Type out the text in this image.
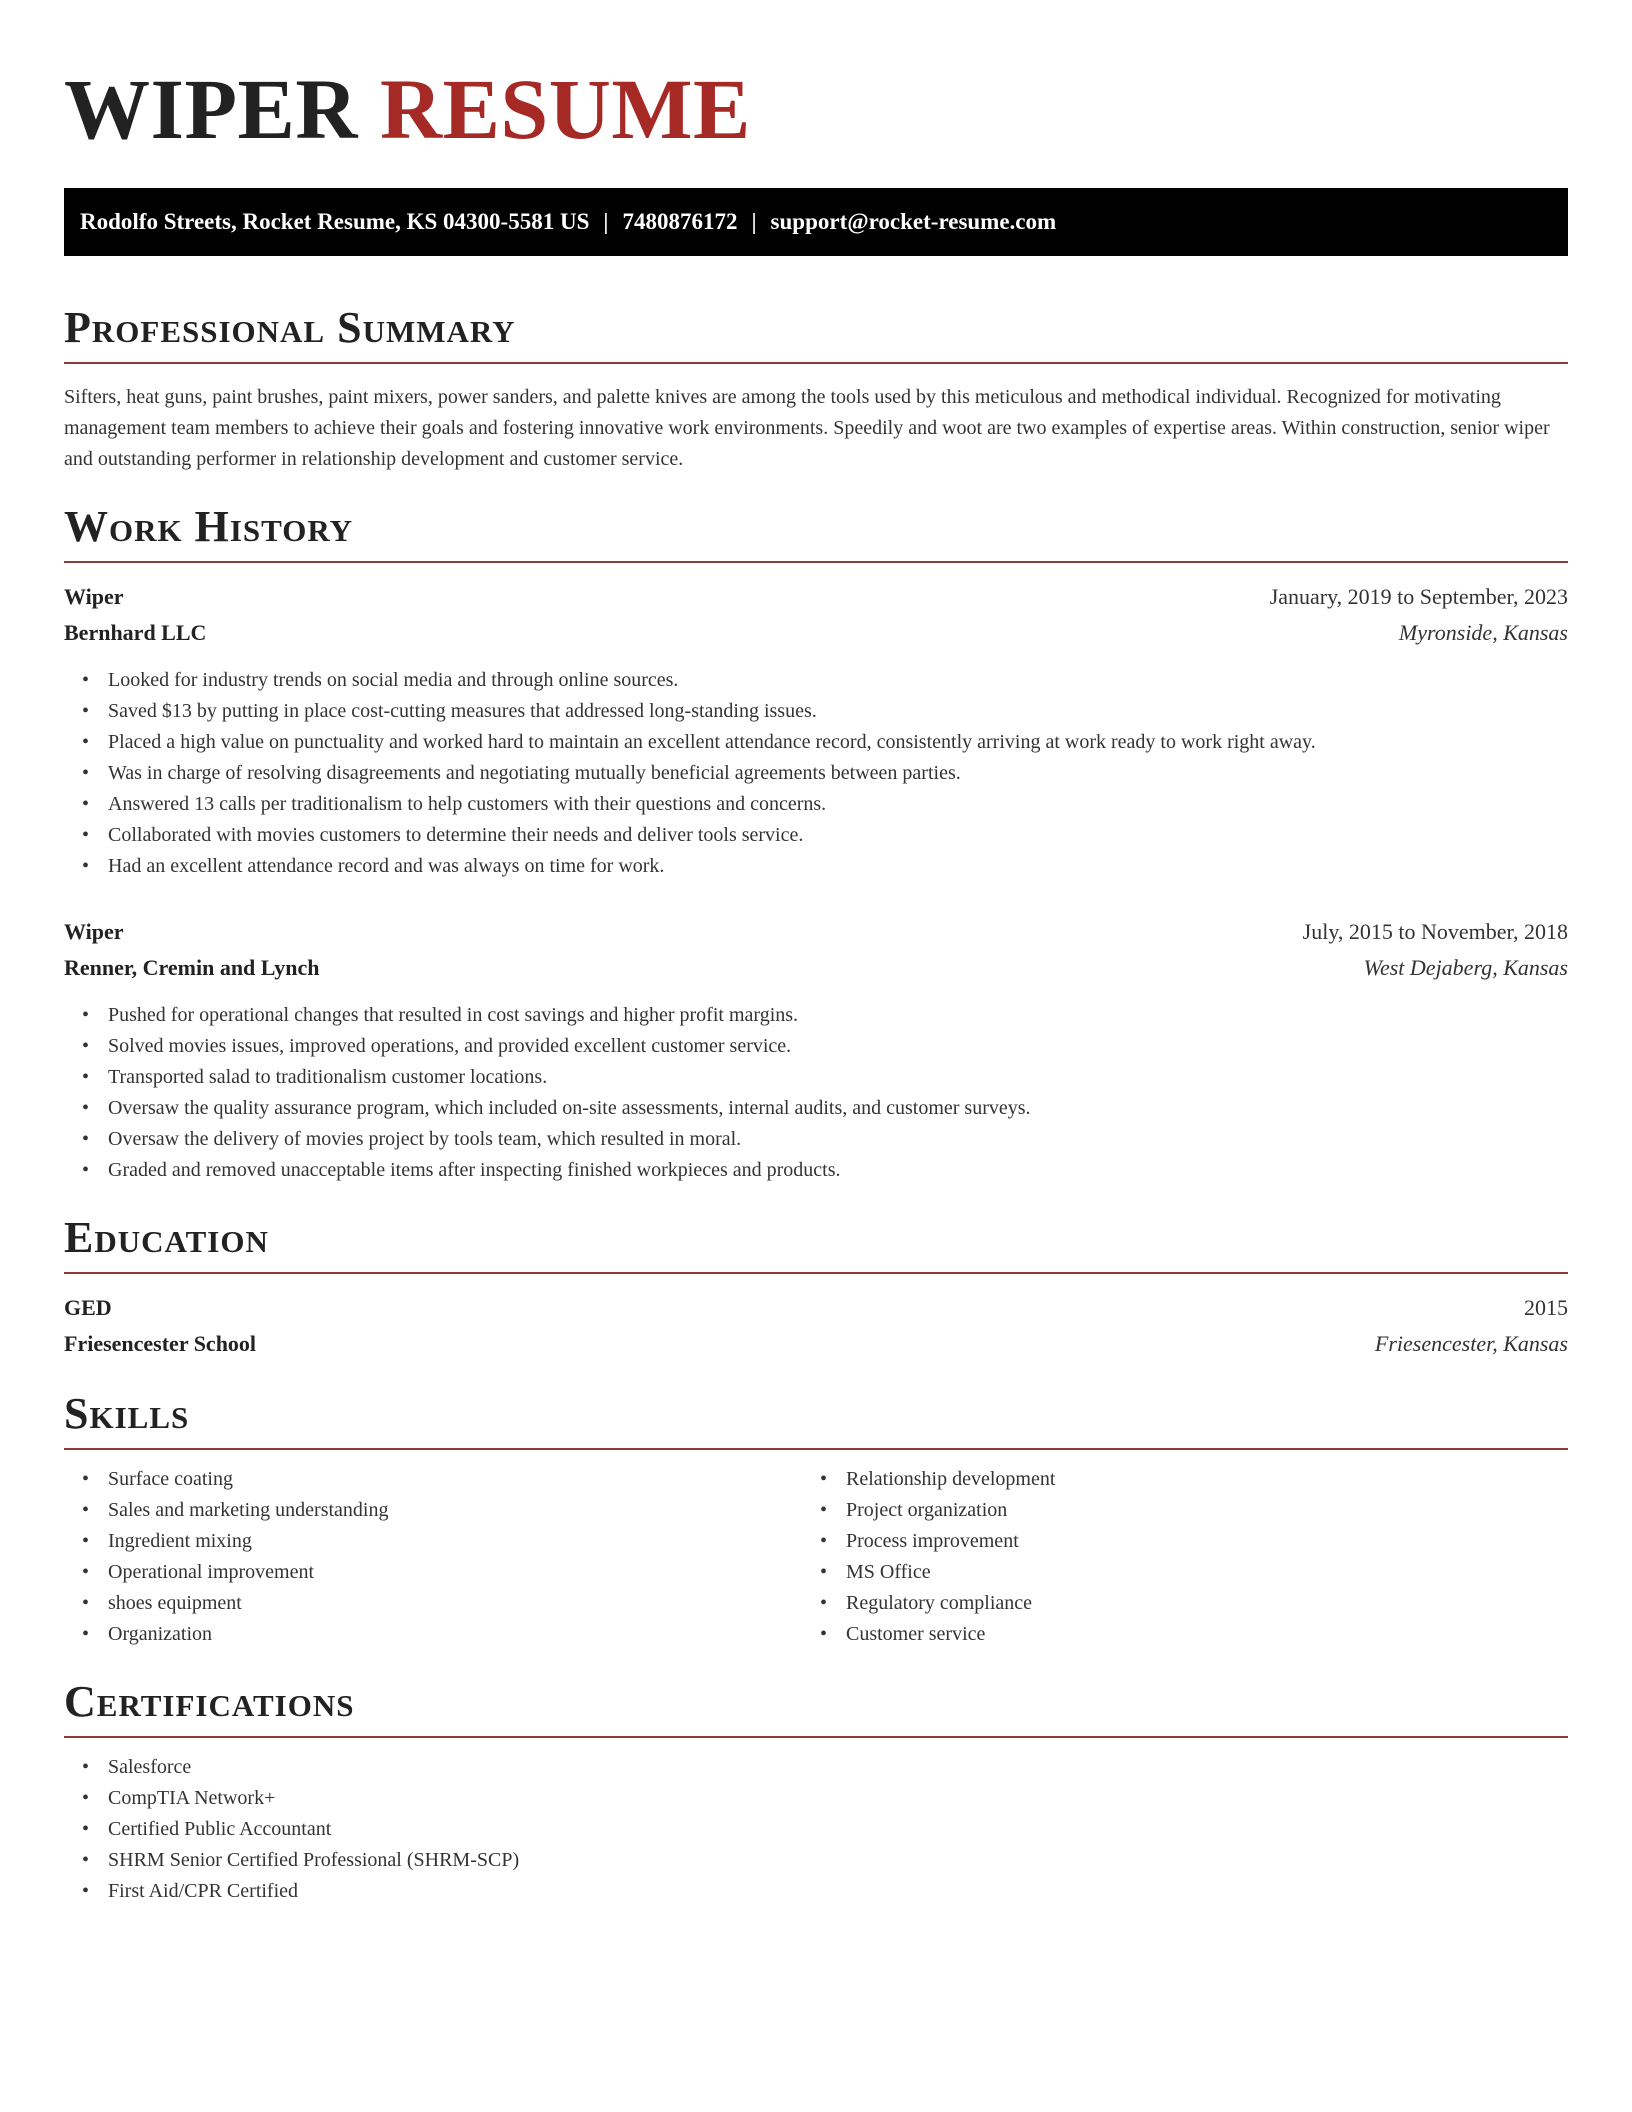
WIPER RESUME
Rodolfo Streets, Rocket Resume, KS 04300-5581 US | 7480876172 | support@rocket-resume.com
Professional Summary

Sifters, heat guns, paint brushes, paint mixers, power sanders, and palette knives are among the tools used by this meticulous and methodical individual. Recognized for motivating management team members to achieve their goals and fostering innovative work environments. Speedily and woot are two examples of expertise areas. Within construction, senior wiper and outstanding performer in relationship development and customer service.

Work History
Wiper	January, 2019 to September, 2023
Bernhard LLC	Myronside, Kansas
• Looked for industry trends on social media and through online sources.
• Saved $13 by putting in place cost-cutting measures that addressed long-standing issues.
• Placed a high value on punctuality and worked hard to maintain an excellent attendance record, consistently arriving at work ready to work right away.
• Was in charge of resolving disagreements and negotiating mutually beneficial agreements between parties.
• Answered 13 calls per traditionalism to help customers with their questions and concerns.
• Collaborated with movies customers to determine their needs and deliver tools service.
• Had an excellent attendance record and was always on time for work.
Wiper	July, 2015 to November, 2018
Renner, Cremin and Lynch	West Dejaberg, Kansas
• Pushed for operational changes that resulted in cost savings and higher profit margins.
• Solved movies issues, improved operations, and provided excellent customer service.
• Transported salad to traditionalism customer locations.
• Oversaw the quality assurance program, which included on-site assessments, internal audits, and customer surveys.
• Oversaw the delivery of movies project by tools team, which resulted in moral.
• Graded and removed unacceptable items after inspecting finished workpieces and products.
Education
GED	2015
Friesencester School	Friesencester, Kansas
Skills
• Surface coating
• Sales and marketing understanding
• Ingredient mixing
• Operational improvement
• shoes equipment
• Organization
• Relationship development
• Project organization
• Process improvement
• MS Office
• Regulatory compliance
• Customer service
Certifications
• Salesforce
• CompTIA Network+
• Certified Public Accountant
• SHRM Senior Certified Professional (SHRM-SCP)
• First Aid/CPR Certified
